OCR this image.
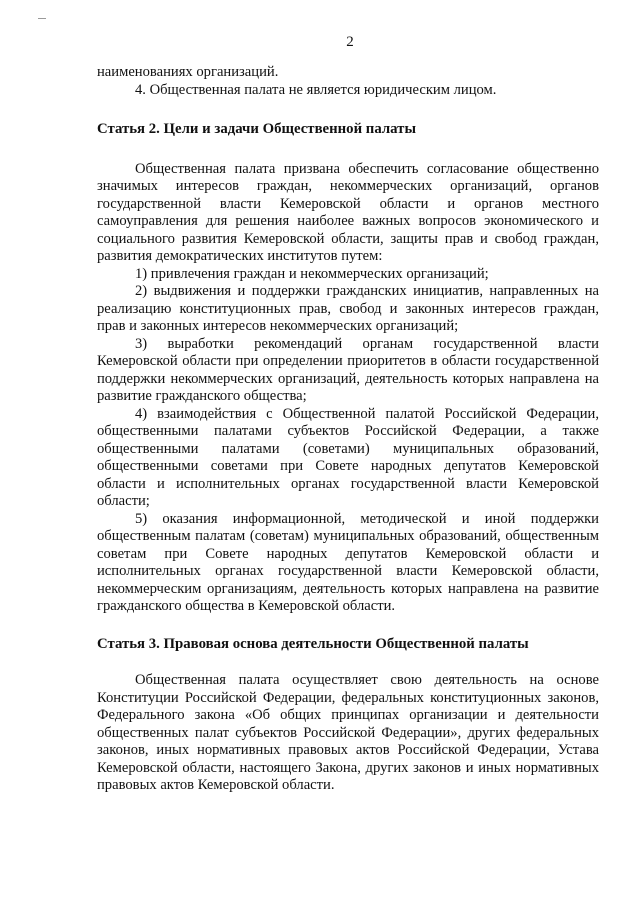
2

наименованиях организаций.

4. Общественная палата не является юридическим лицом.

Статья 2. Цели и задачи Общественной палаты

Общественная палата призвана обеспечить согласование общественно значимых интересов граждан, некоммерческих организаций, органов государственной власти Кемеровской области и органов местного самоуправления для решения наиболее важных вопросов экономического и социального развития Кемеровской области, защиты прав и свобод граждан, развития демократических институтов путем:

1) привлечения граждан и некоммерческих организаций;

2) выдвижения и поддержки гражданских инициатив, направленных на реализацию конституционных прав, свобод и законных интересов граждан, прав и законных интересов некоммерческих организаций;

3) выработки рекомендаций органам государственной власти Кемеровской области при определении приоритетов в области государственной поддержки некоммерческих организаций, деятельность которых направлена на развитие гражданского общества;

4) взаимодействия с Общественной палатой Российской Федерации, общественными палатами субъектов Российской Федерации, а также общественными палатами (советами) муниципальных образований, общественными советами при Совете народных депутатов Кемеровской области и исполнительных органах государственной власти Кемеровской области;

5) оказания информационной, методической и иной поддержки общественным палатам (советам) муниципальных образований, общественным советам при Совете народных депутатов Кемеровской области и исполнительных органах государственной власти Кемеровской области, некоммерческим организациям, деятельность которых направлена на развитие гражданского общества в Кемеровской области.

Статья 3. Правовая основа деятельности Общественной палаты

Общественная палата осуществляет свою деятельность на основе Конституции Российской Федерации, федеральных конституционных законов, Федерального закона «Об общих принципах организации и деятельности общественных палат субъектов Российской Федерации», других федеральных законов, иных нормативных правовых актов Российской Федерации, Устава Кемеровской области, настоящего Закона, других законов и иных нормативных правовых актов Кемеровской области.
